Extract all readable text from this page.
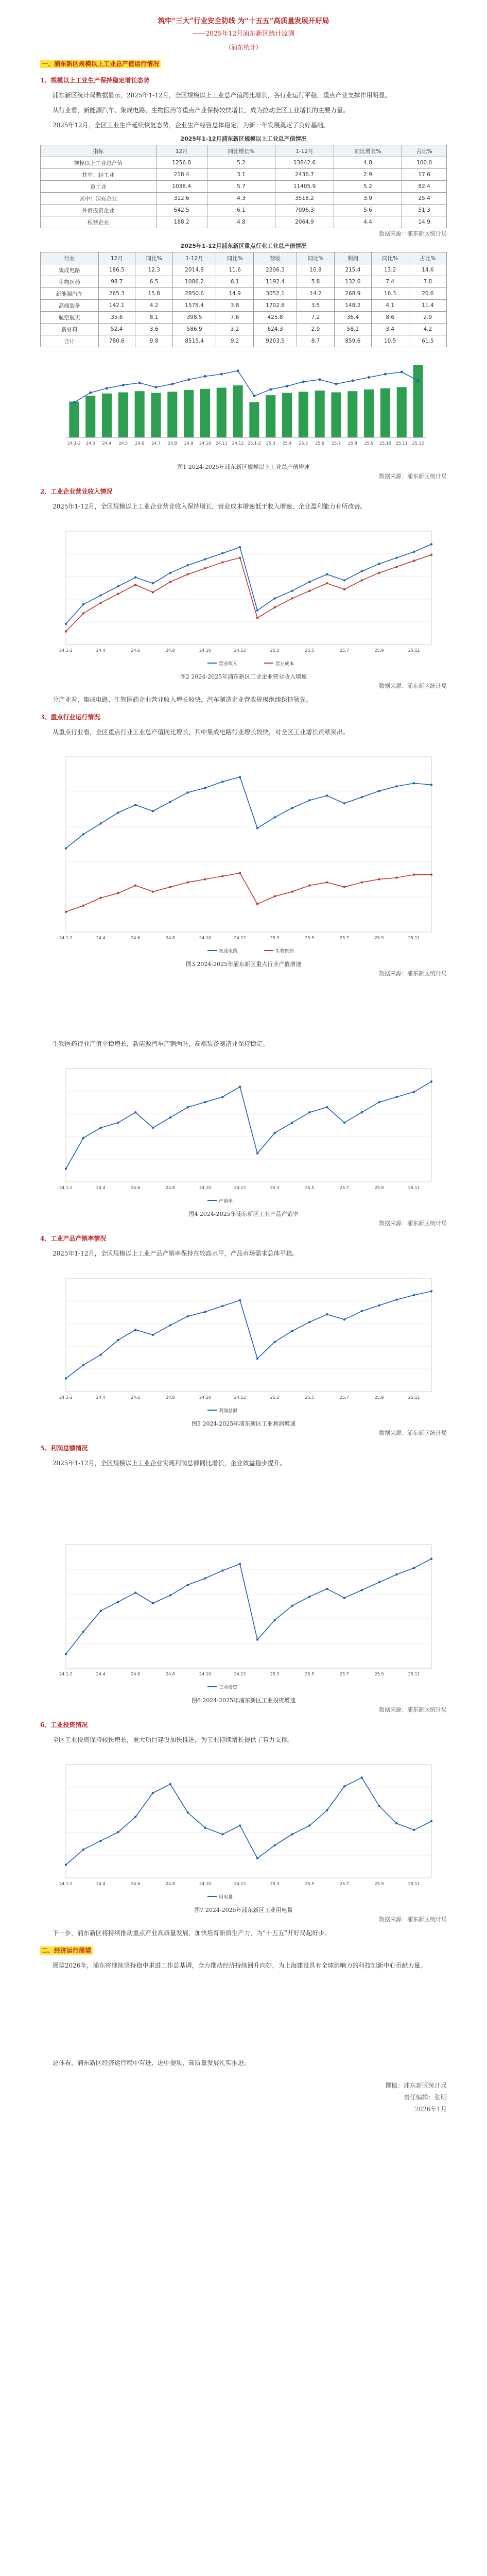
筑牢“三大”行业安全防线 为“十五五”高质量发展开好局
——2025年12月浦东新区统计监测
（浦东统计）
一、浦东新区规模以上工业总产值运行情况
1、规模以上工业生产保持稳定增长态势

浦东新区统计局数据显示，2025年1-12月，全区规模以上工业总产值同比增长，各行业运行平稳，重点产业支撑作用明显。

从行业看，新能源汽车、集成电路、生物医药等重点产业保持较快增长，成为拉动全区工业增长的主要力量。

2025年12月，全区工业生产延续恢复态势，企业生产经营总体稳定，为新一年发展奠定了良好基础。

2025年1-12月浦东新区规模以上工业总产值情况
指标	12月	同比增长%	1-12月	同比增长%	占比%
规模以上工业总产值	1256.8	5.2	13842.6	4.8	100.0
其中：轻工业	218.4	3.1	2436.7	2.9	17.6
重工业	1038.4	5.7	11405.9	5.2	82.4
其中：国有企业	312.6	4.3	3518.2	3.9	25.4
外商投资企业	642.5	6.1	7096.3	5.6	51.3
私营企业	188.2	4.8	2064.9	4.4	14.9
数据来源：浦东新区统计局
2025年1-12月浦东新区重点行业工业总产值情况
行业	12月	同比%	1-12月	同比%	营收	同比%	利润	同比%	占比%
集成电路	186.5	12.3	2014.8	11.6	2206.3	10.8	215.4	13.2	14.6
生物医药	98.7	6.5	1086.2	6.1	1192.4	5.8	132.6	7.4	7.8
新能源汽车	265.3	15.8	2850.6	14.9	3052.1	14.2	268.9	16.3	20.6
高端装备	142.1	4.2	1578.4	3.8	1702.6	3.5	148.2	4.1	11.4
航空航天	35.6	8.1	398.5	7.6	425.8	7.2	36.4	8.6	2.9
新材料	52.4	3.6	586.9	3.2	624.3	2.9	58.1	3.4	4.2
合计	780.6	9.8	8515.4	9.2	9203.5	8.7	859.6	10.5	61.5
24.1-2 24.3 24.4 24.5 24.6 24.7 24.8 24.9 24.10 24.11 24.12 25.1-2 25.3 25.4 25.5 25.6 25.7 25.8 25.9 25.10 25.11 25.12
图1 2024-2025年浦东新区规模以上工业总产值增速
数据来源：浦东新区统计局
2、工业企业营业收入情况

2025年1-12月，全区规模以上工业企业营业收入保持增长，营业成本增速低于收入增速，企业盈利能力有所改善。

24.1-2	24.4	24.6	24.8	24.10	24.12	25.3	25.5	25.7	25.9	25.11
营业收入	营业成本
图2 2024-2025年浦东新区工业企业营业收入增速
数据来源：浦东新区统计局

分产业看，集成电路、生物医药企业营业收入增长较快，汽车制造企业营收规模继续保持领先。

3、重点行业运行情况

从重点行业看，全区重点行业工业总产值同比增长，其中集成电路行业增长较快，对全区工业增长贡献突出。

24.1-2	24.4	24.6	24.8	24.10	24.12	25.3	25.5	25.7	25.9	25.11
集成电路	生物医药
图3 2024-2025年浦东新区重点行业产值增速
数据来源：浦东新区统计局

生物医药行业产值平稳增长，新能源汽车产销两旺，高端装备制造业保持稳定。

24.1-2	24.4	24.6	24.8	24.10	24.12	25.3	25.5	25.7	25.9	25.11
产销率
图4 2024-2025年浦东新区工业产品产销率
数据来源：浦东新区统计局
4、工业产品产销率情况

2025年1-12月，全区规模以上工业产品产销率保持在较高水平，产品市场需求总体平稳。

24.1-2	24.4	24.6	24.8	24.10	24.12	25.3	25.5	25.7	25.9	25.11
利润总额
图5 2024-2025年浦东新区工业利润增速
数据来源：浦东新区统计局
5、利润总额情况

2025年1-12月，全区规模以上工业企业实现利润总额同比增长，企业效益稳步提升。

24.1-2	24.4	24.6	24.8	24.10	24.12	25.3	25.5	25.7	25.9	25.11
工业投资
图6 2024-2025年浦东新区工业投资增速
数据来源：浦东新区统计局
6、工业投资情况

全区工业投资保持较快增长，重大项目建设加快推进，为工业持续增长提供了有力支撑。

24.1-2	24.4	24.6	24.8	24.10	24.12	25.3	25.5	25.7	25.9	25.11
用电量
图7 2024-2025年浦东新区工业用电量
数据来源：浦东新区统计局

下一步，浦东新区将持续推动重点产业高质量发展，加快培育新质生产力，为“十五五”开好局起好步。

二、经济运行展望

展望2026年，浦东将继续坚持稳中求进工作总基调，全力推动经济持续回升向好，为上海建设具有全球影响力的科技创新中心贡献力量。

总体看，浦东新区经济运行稳中有进、进中提质，高质量发展扎实推进。

撰稿：浦东新区统计局
责任编辑：张明
2026年1月
